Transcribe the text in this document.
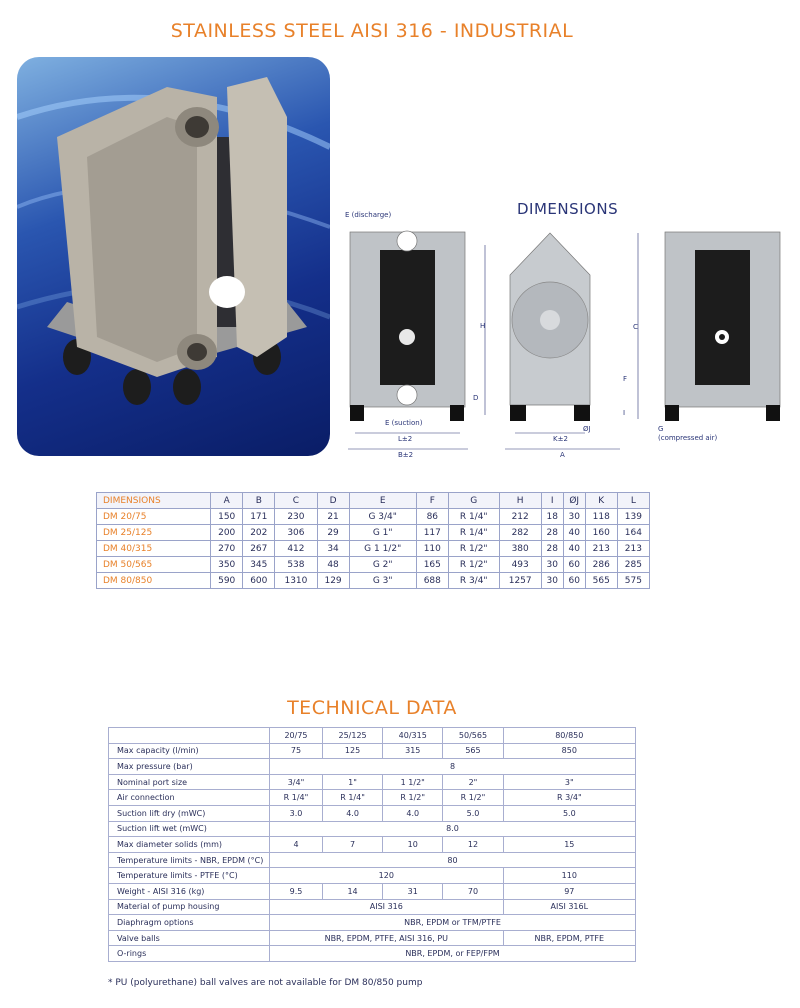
STAINLESS STEEL AISI 316 - INDUSTRIAL
DIMENSIONS
H
D
L±2
B±2
E (discharge)
E (suction)
C
F
I
ØJ
K±2
A
G
(compressed air)
DIMENSIONS	A	B	C	D	E	F	G	H	I	ØJ	K	L
DM 20/75	150	171	230	21	G 3/4"	86	R 1/4"	212	18	30	118	139
DM 25/125	200	202	306	29	G 1"	117	R 1/4"	282	28	40	160	164
DM 40/315	270	267	412	34	G 1 1/2"	110	R 1/2"	380	28	40	213	213
DM 50/565	350	345	538	48	G 2"	165	R 1/2"	493	30	60	286	285
DM 80/850	590	600	1310	129	G 3"	688	R 3/4"	1257	30	60	565	575
TECHNICAL DATA
	20/75	25/125	40/315	50/565	80/850
Max capacity (l/min)	75	125	315	565	850
Max pressure (bar)	8				
Nominal port size	3/4"	1"	1 1/2"	2"	3"
Air connection	R 1/4"	R 1/4"	R 1/2"	R 1/2"	R 3/4"
Suction lift dry (mWC)	3.0	4.0	4.0	5.0	5.0
Suction lift wet (mWC)	8.0				
Max diameter solids (mm)	4	7	10	12	15
Temperature limits - NBR, EPDM (°C)	80				
Temperature limits - PTFE (°C)	120				110
Weight - AISI 316 (kg)	9.5	14	31	70	97
Material of pump housing	AISI 316				AISI 316L
Diaphragm options	NBR, EPDM or TFM/PTFE				
Valve balls	NBR, EPDM, PTFE, AISI 316, PU				NBR, EPDM, PTFE
O-rings	NBR, EPDM, or FEP/FPM				
* PU (polyurethane) ball valves are not available for DM 80/850 pump
